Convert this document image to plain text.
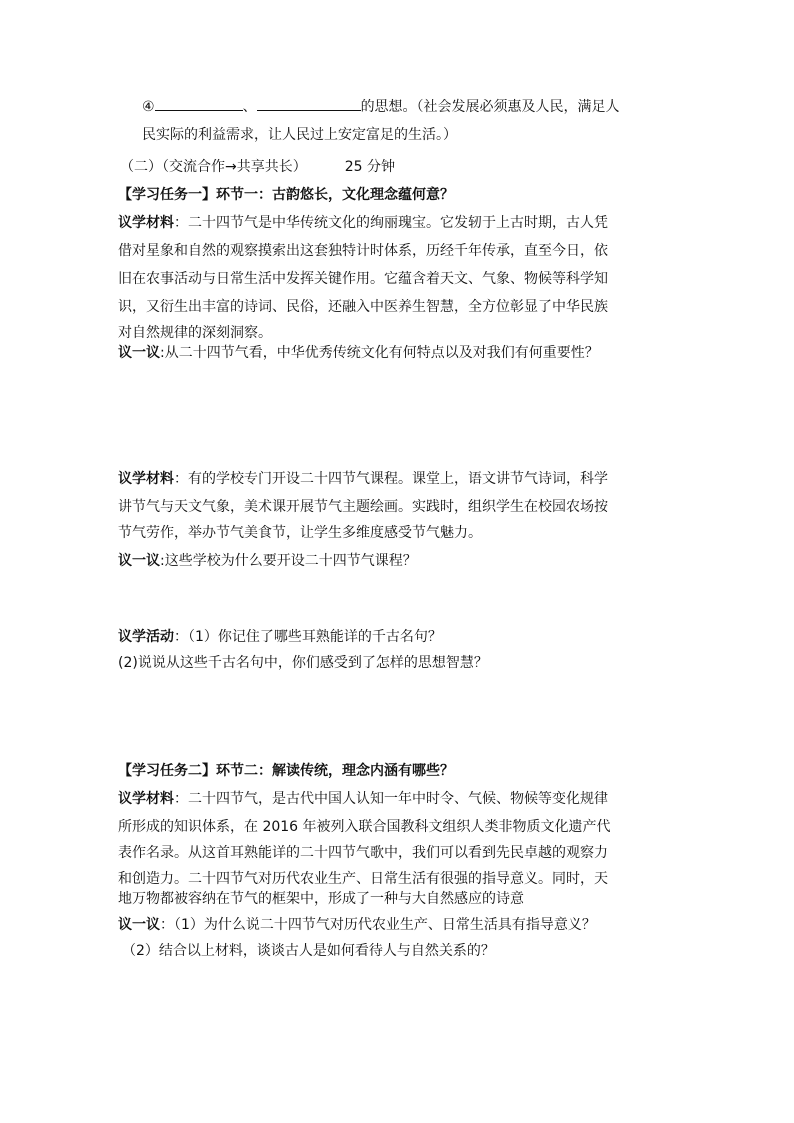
④	、	的思想。（社会发展必须惠及人民，满足人
民实际的利益需求，让人民过上安定富足的生活。）
（二）（交流合作→共享共长）	25 分钟
【学习任务一】环节一：古韵悠长，文化理念蕴何意？
议学材料：二十四节气是中华传统文化的绚丽瑰宝。它发轫于上古时期，古人凭
借对星象和自然的观察摸索出这套独特计时体系，历经千年传承，直至今日，依
旧在农事活动与日常生活中发挥关键作用。它蕴含着天文、气象、物候等科学知
识，又衍生出丰富的诗词、民俗，还融入中医养生智慧，全方位彰显了中华民族
对自然规律的深刻洞察。
议一议:从二十四节气看，中华优秀传统文化有何特点以及对我们有何重要性？
议学材料：有的学校专门开设二十四节气课程。课堂上，语文讲节气诗词，科学
讲节气与天文气象，美术课开展节气主题绘画。实践时，组织学生在校园农场按
节气劳作，举办节气美食节，让学生多维度感受节气魅力。
议一议:这些学校为什么要开设二十四节气课程？
议学活动：（1）你记住了哪些耳熟能详的千古名句？
(2)说说从这些千古名句中，你们感受到了怎样的思想智慧？
【学习任务二】环节二：解读传统，理念内涵有哪些？
议学材料：二十四节气，是古代中国人认知一年中时令、气候、物候等变化规律
所形成的知识体系，在 2016 年被列入联合国教科文组织人类非物质文化遗产代
表作名录。从这首耳熟能详的二十四节气歌中，我们可以看到先民卓越的观察力
和创造力。二十四节气对历代农业生产、日常生活有很强的指导意义。同时，天
地万物都被容纳在节气的框架中，形成了一种与大自然感应的诗意
议一议：（1）为什么说二十四节气对历代农业生产、日常生活具有指导意义？
（2）结合以上材料，谈谈古人是如何看待人与自然关系的？
